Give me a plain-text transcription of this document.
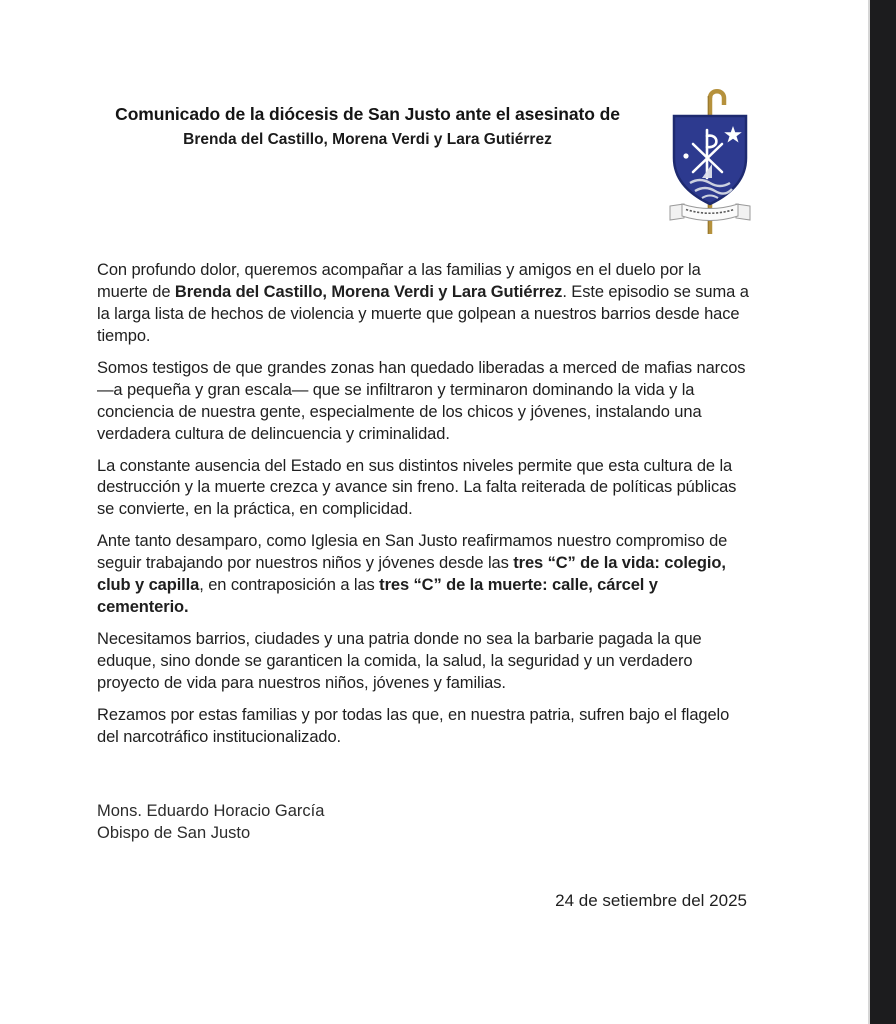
Comunicado de la diócesis de San Justo ante el asesinato de
Brenda del Castillo, Morena Verdi y Lara Gutiérrez

Con profundo dolor, queremos acompañar a las familias y amigos en el duelo por la muerte de Brenda del Castillo, Morena Verdi y Lara Gutiérrez. Este episodio se suma a la larga lista de hechos de violencia y muerte que golpean a nuestros barrios desde hace tiempo.

Somos testigos de que grandes zonas han quedado liberadas a merced de mafias narcos —a pequeña y gran escala— que se infiltraron y terminaron dominando la vida y la conciencia de nuestra gente, especialmente de los chicos y jóvenes, instalando una verdadera cultura de delincuencia y criminalidad.

La constante ausencia del Estado en sus distintos niveles permite que esta cultura de la destrucción y la muerte crezca y avance sin freno. La falta reiterada de políticas públicas se convierte, en la práctica, en complicidad.

Ante tanto desamparo, como Iglesia en San Justo reafirmamos nuestro compromiso de seguir trabajando por nuestros niños y jóvenes desde las tres “C” de la vida: colegio, club y capilla, en contraposición a las tres “C” de la muerte: calle, cárcel y cementerio.

Necesitamos barrios, ciudades y una patria donde no sea la barbarie pagada la que eduque, sino donde se garanticen la comida, la salud, la seguridad y un verdadero proyecto de vida para nuestros niños, jóvenes y familias.

Rezamos por estas familias y por todas las que, en nuestra patria, sufren bajo el flagelo del narcotráfico institucionalizado.

Mons. Eduardo Horacio García
Obispo de San Justo
24 de setiembre del 2025
